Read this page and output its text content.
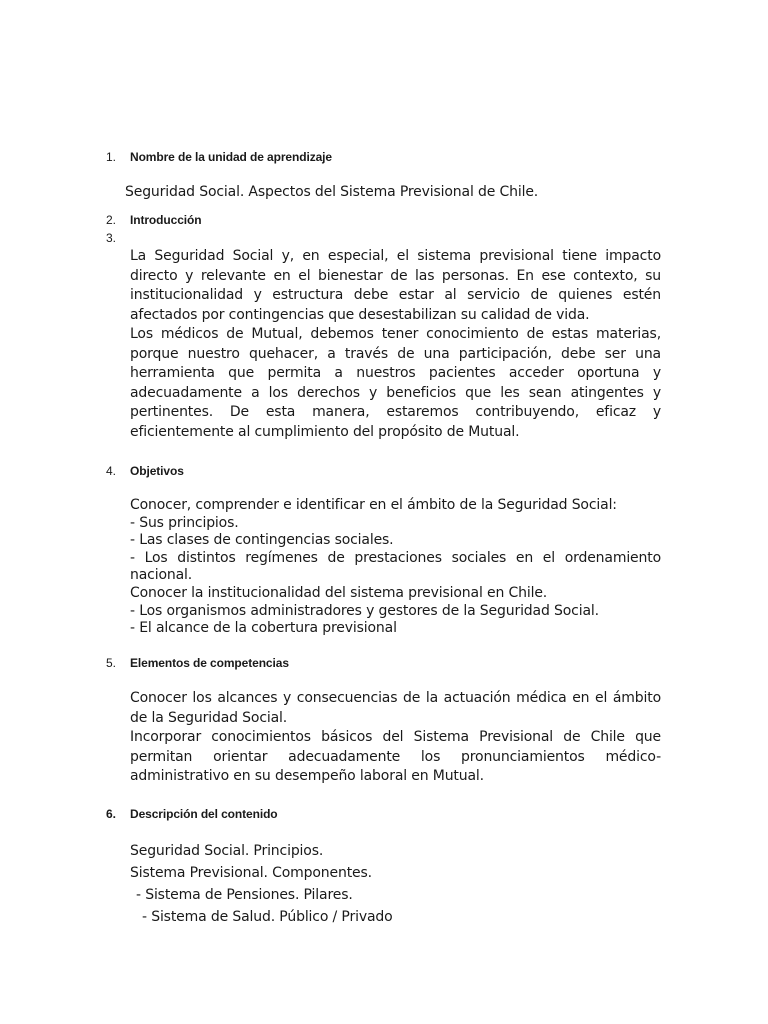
1.	Nombre de la unidad de aprendizaje
Seguridad Social. Aspectos del Sistema Previsional de Chile.
2.	Introducción
3.

La Seguridad Social y, en especial, el sistema previsional tiene impacto directo y relevante en el bienestar de las personas. En ese contexto, su institucionalidad y estructura debe estar al servicio de quienes estén afectados por contingencias que desestabilizan su calidad de vida.

Los médicos de Mutual, debemos tener conocimiento de estas materias, porque nuestro quehacer, a través de una participación, debe ser una herramienta que permita a nuestros pacientes acceder oportuna y adecuadamente a los derechos y beneficios que les sean atingentes y pertinentes. De esta manera, estaremos contribuyendo, eficaz y eficientemente al cumplimiento del propósito de Mutual.

4.	Objetivos

Conocer, comprender e identificar en el ámbito de la Seguridad Social:

- Sus principios.

- Las clases de contingencias sociales.

- Los distintos regímenes de prestaciones sociales en el ordenamiento nacional.

Conocer la institucionalidad del sistema previsional en Chile.

- Los organismos administradores y gestores de la Seguridad Social.

- El alcance de la cobertura previsional

5.	Elementos de competencias

Conocer los alcances y consecuencias de la actuación médica en el ámbito de la Seguridad Social.

Incorporar conocimientos básicos del Sistema Previsional de Chile que permitan orientar adecuadamente los pronunciamientos médico-administrativo en su desempeño laboral en Mutual.

6.	Descripción del contenido

Seguridad Social. Principios.

Sistema Previsional. Componentes.

- Sistema de Pensiones. Pilares.

- Sistema de Salud. Público / Privado
